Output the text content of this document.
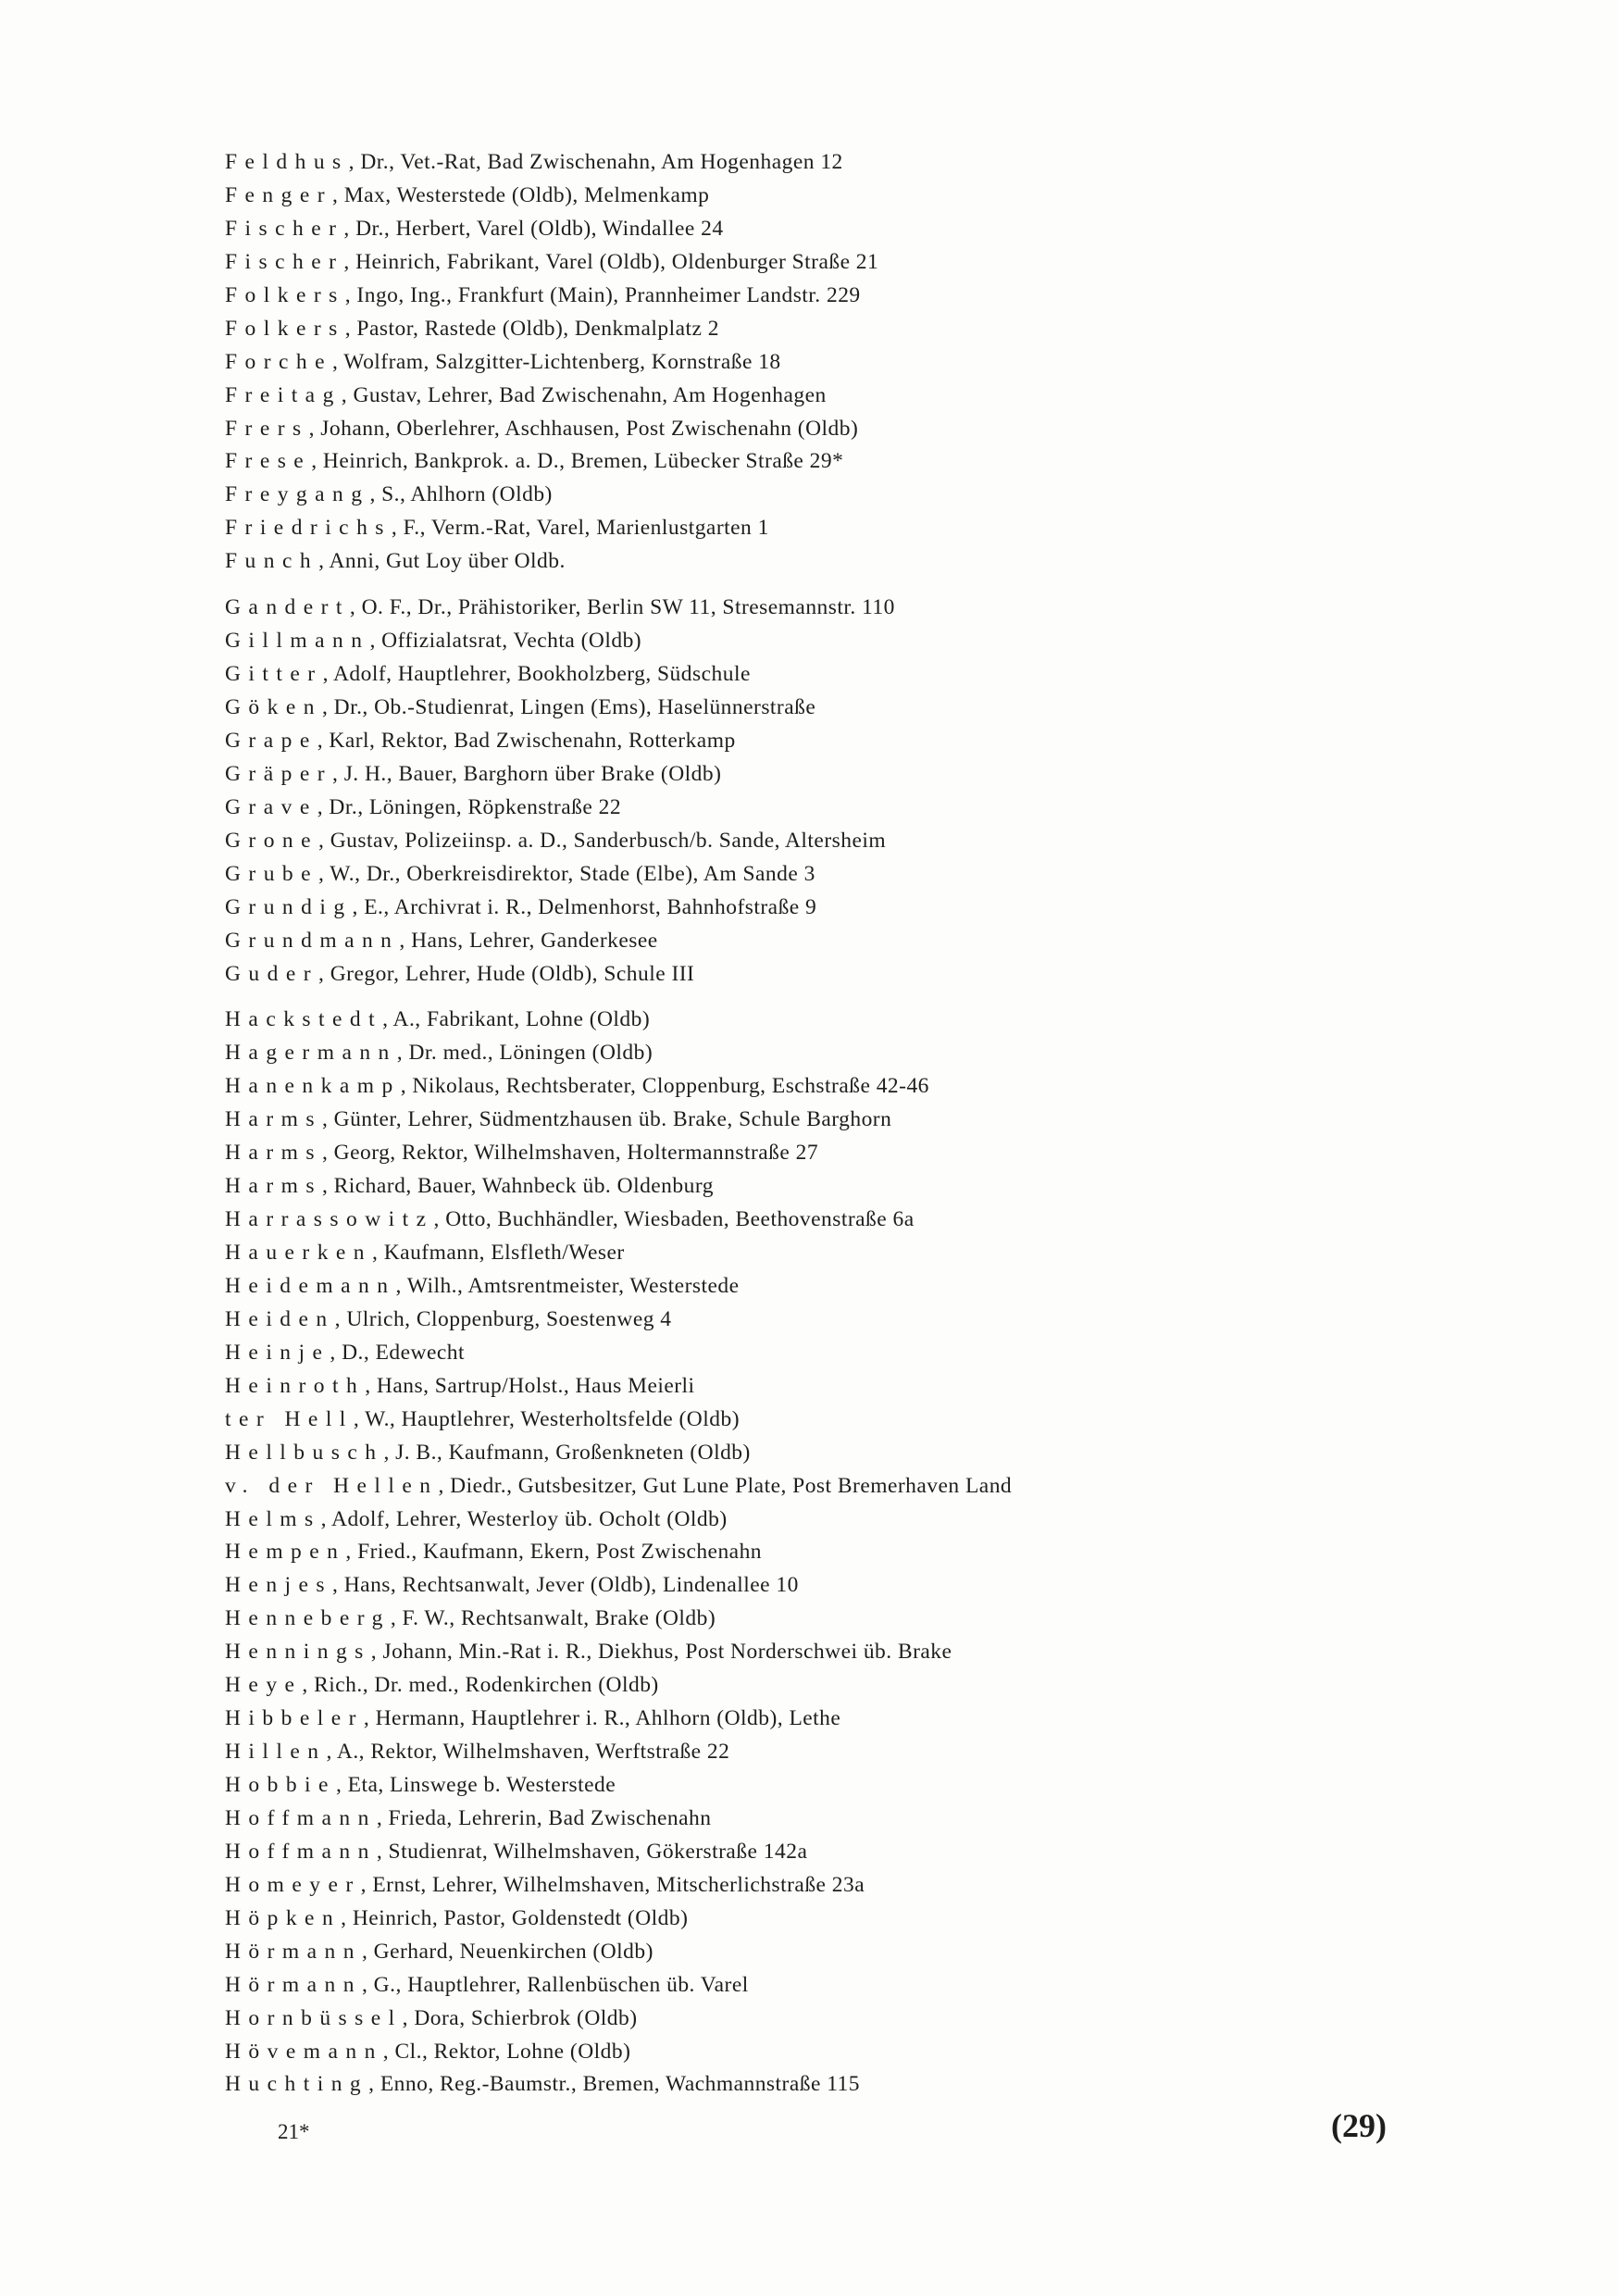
Feldhus, Dr., Vet.-Rat, Bad Zwischenahn, Am Hogenhagen 12
Fenger, Max, Westerstede (Oldb), Melmenkamp
Fischer, Dr., Herbert, Varel (Oldb), Windallee 24
Fischer, Heinrich, Fabrikant, Varel (Oldb), Oldenburger Straße 21
Folkers, Ingo, Ing., Frankfurt (Main), Prannheimer Landstr. 229
Folkers, Pastor, Rastede (Oldb), Denkmalplatz 2
Forche, Wolfram, Salzgitter-Lichtenberg, Kornstraße 18
Freitag, Gustav, Lehrer, Bad Zwischenahn, Am Hogenhagen
Frers, Johann, Oberlehrer, Aschhausen, Post Zwischenahn (Oldb)
Frese, Heinrich, Bankprok. a. D., Bremen, Lübecker Straße 29*
Freygang, S., Ahlhorn (Oldb)
Friedrichs, F., Verm.-Rat, Varel, Marienlustgarten 1
Funch, Anni, Gut Loy über Oldb.
Gandert, O. F., Dr., Prähistoriker, Berlin SW 11, Stresemannstr. 110
Gillmann, Offizialatsrat, Vechta (Oldb)
Gitter, Adolf, Hauptlehrer, Bookholzberg, Südschule
Göken, Dr., Ob.-Studienrat, Lingen (Ems), Haselünnerstraße
Grape, Karl, Rektor, Bad Zwischenahn, Rotterkamp
Gräper, J. H., Bauer, Barghorn über Brake (Oldb)
Grave, Dr., Löningen, Röpkenstraße 22
Grone, Gustav, Polizeiinsp. a. D., Sanderbusch/b. Sande, Altersheim
Grube, W., Dr., Oberkreisdirektor, Stade (Elbe), Am Sande 3
Grundig, E., Archivrat i. R., Delmenhorst, Bahnhofstraße 9
Grundmann, Hans, Lehrer, Ganderkesee
Guder, Gregor, Lehrer, Hude (Oldb), Schule III
Hackstedt, A., Fabrikant, Lohne (Oldb)
Hagermann, Dr. med., Löningen (Oldb)
Hanenkamp, Nikolaus, Rechtsberater, Cloppenburg, Eschstraße 42-46
Harms, Günter, Lehrer, Südmentzhausen üb. Brake, Schule Barghorn
Harms, Georg, Rektor, Wilhelmshaven, Holtermannstraße 27
Harms, Richard, Bauer, Wahnbeck üb. Oldenburg
Harrassowitz, Otto, Buchhändler, Wiesbaden, Beethovenstraße 6a
Hauerken, Kaufmann, Elsfleth/Weser
Heidemann, Wilh., Amtsrentmeister, Westerstede
Heiden, Ulrich, Cloppenburg, Soestenweg 4
Heinje, D., Edewecht
Heinroth, Hans, Sartrup/Holst., Haus Meierli
ter Hell, W., Hauptlehrer, Westerholtsfelde (Oldb)
Hellbusch, J. B., Kaufmann, Großenkneten (Oldb)
v. der Hellen, Diedr., Gutsbesitzer, Gut Lune Plate, Post Bremerhaven Land
Helms, Adolf, Lehrer, Westerloy üb. Ocholt (Oldb)
Hempen, Fried., Kaufmann, Ekern, Post Zwischenahn
Henjes, Hans, Rechtsanwalt, Jever (Oldb), Lindenallee 10
Henneberg, F. W., Rechtsanwalt, Brake (Oldb)
Hennings, Johann, Min.-Rat i. R., Diekhus, Post Norderschwei üb. Brake
Heye, Rich., Dr. med., Rodenkirchen (Oldb)
Hibbeler, Hermann, Hauptlehrer i. R., Ahlhorn (Oldb), Lethe
Hillen, A., Rektor, Wilhelmshaven, Werftstraße 22
Hobbie, Eta, Linswege b. Westerstede
Hoffmann, Frieda, Lehrerin, Bad Zwischenahn
Hoffmann, Studienrat, Wilhelmshaven, Gökerstraße 142a
Homeyer, Ernst, Lehrer, Wilhelmshaven, Mitscherlichstraße 23a
Höpken, Heinrich, Pastor, Goldenstedt (Oldb)
Hörmann, Gerhard, Neuenkirchen (Oldb)
Hörmann, G., Hauptlehrer, Rallenbüschen üb. Varel
Hornbüssel, Dora, Schierbrok (Oldb)
Hövemann, Cl., Rektor, Lohne (Oldb)
Huchting, Enno, Reg.-Baumstr., Bremen, Wachmannstraße 115
21*	(29)
